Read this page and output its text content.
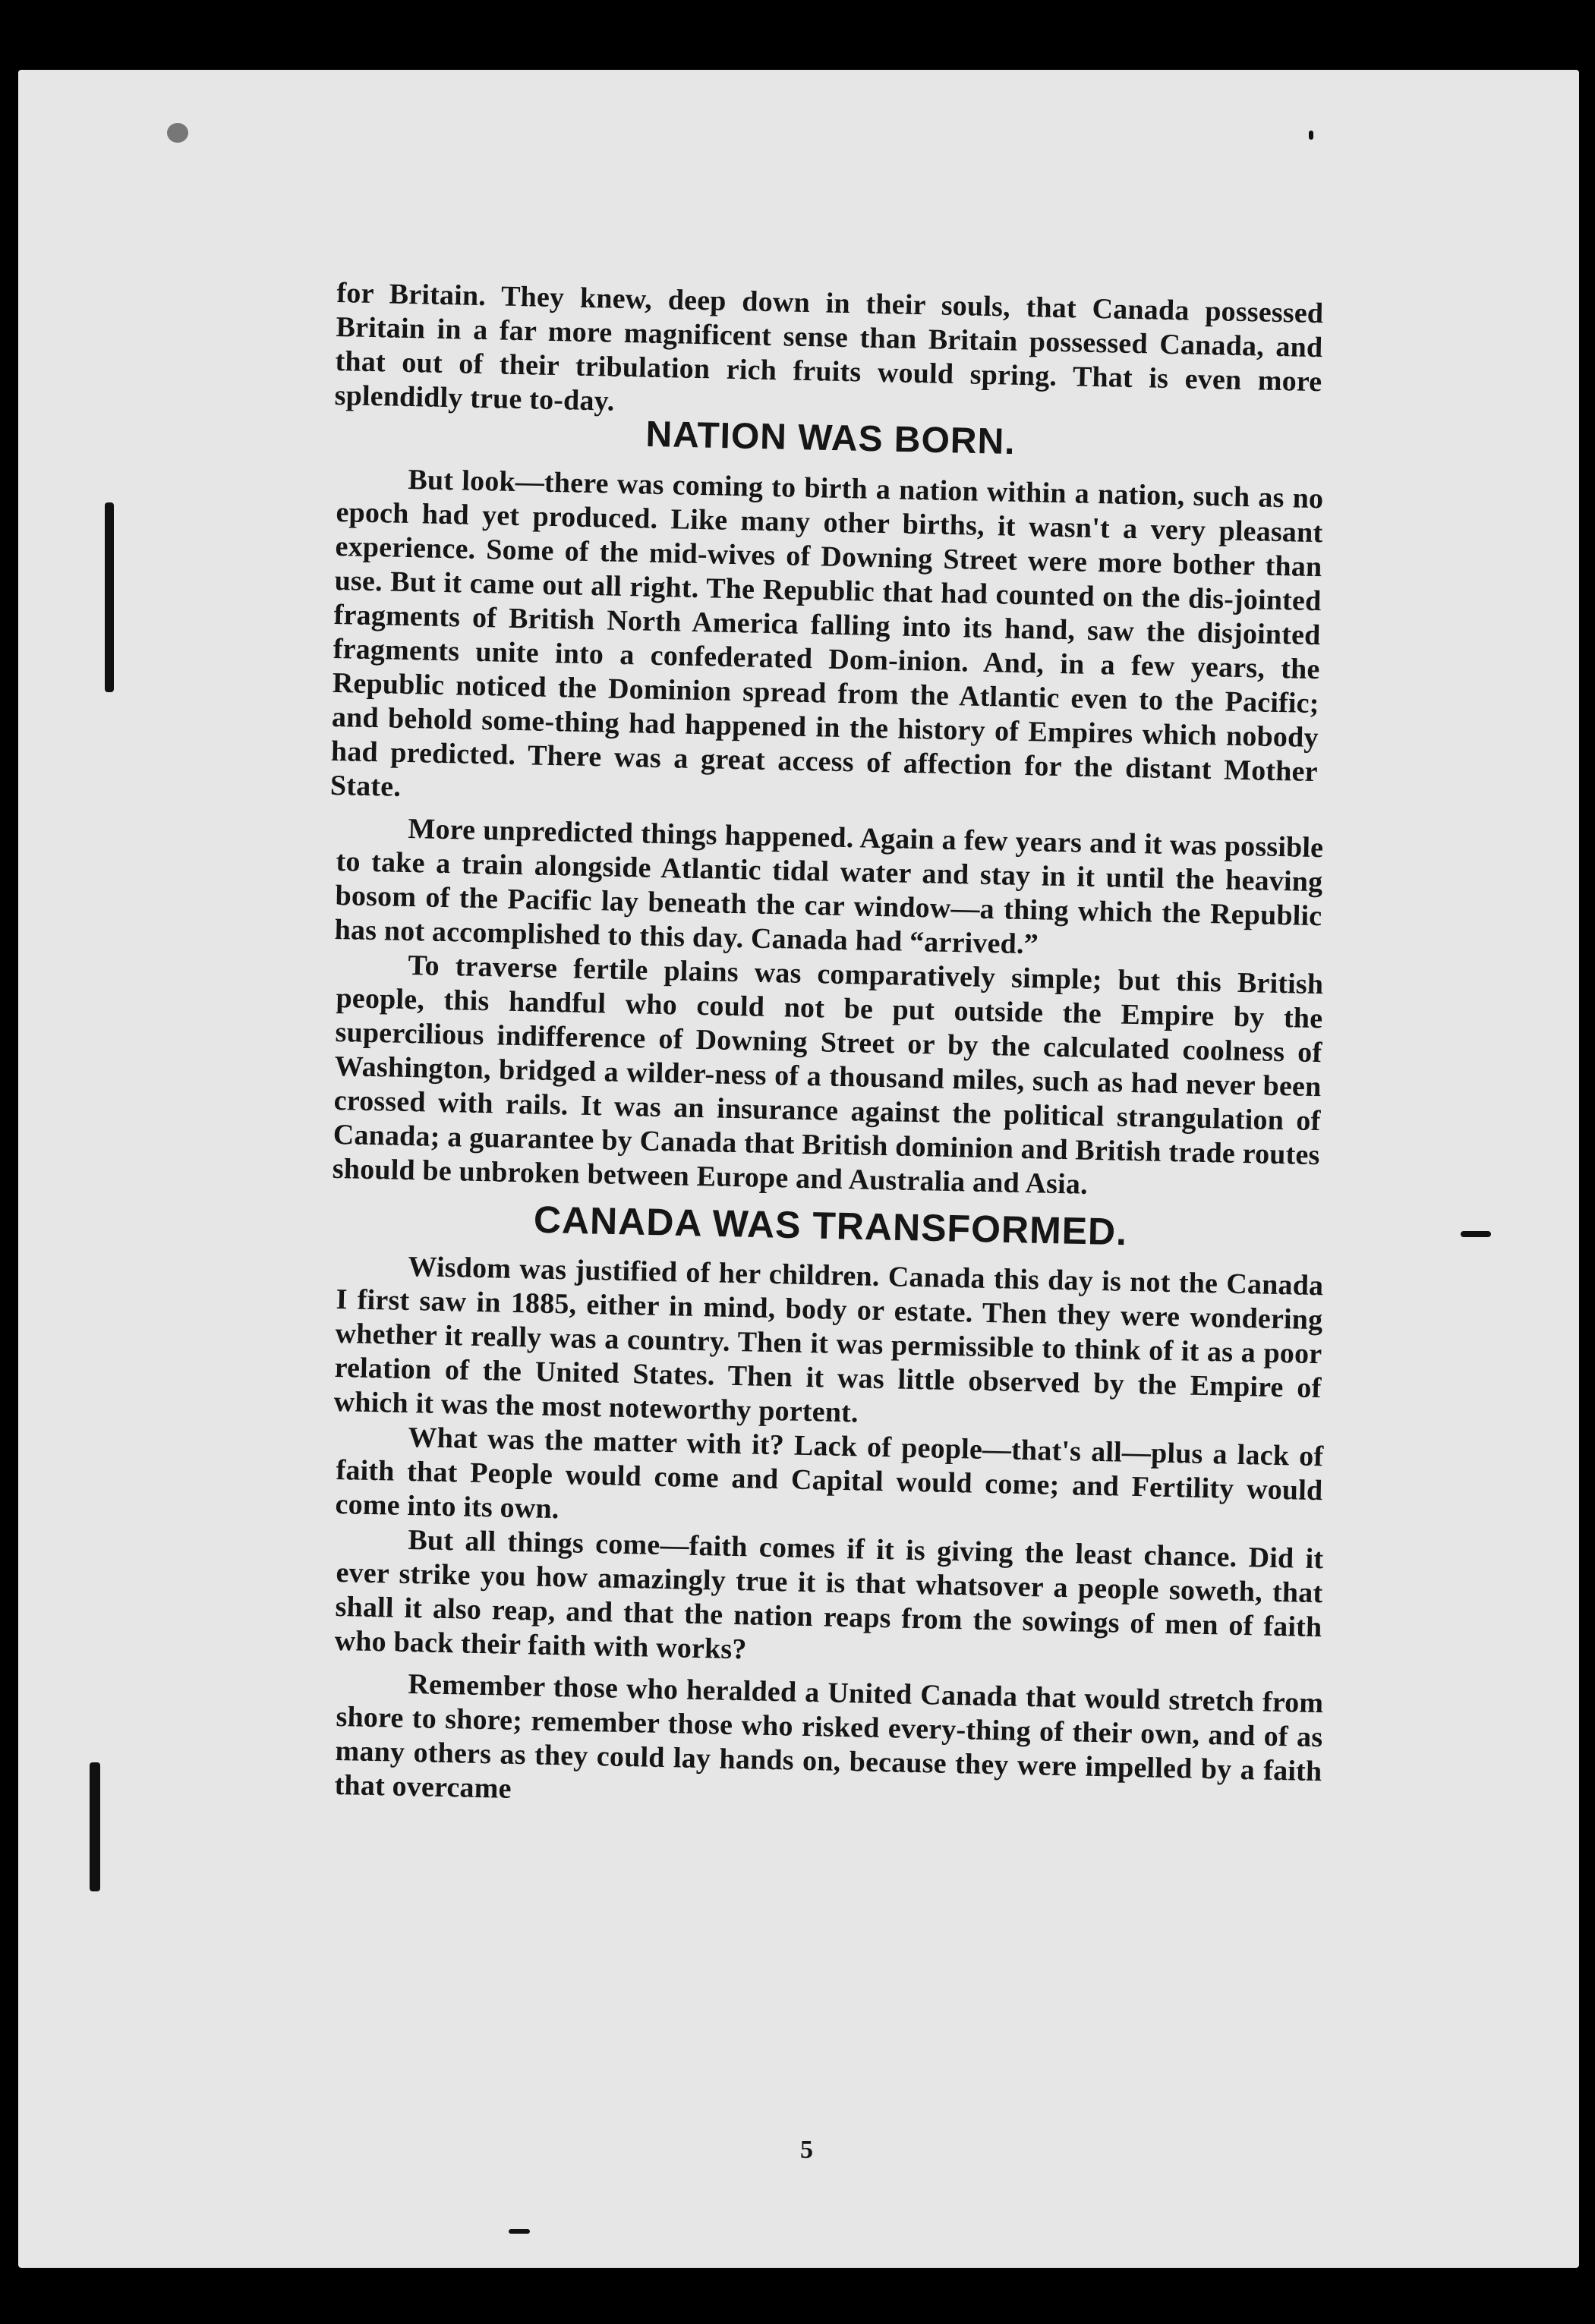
for Britain. They knew, deep down in their souls, that Canada possessed Britain in a far more magnificent sense than Britain possessed Canada, and that out of their tribulation rich fruits would spring. That is even more splendidly true to-day.

NATION WAS BORN.

But look—there was coming to birth a nation within a nation, such as no epoch had yet produced. Like many other births, it wasn't a very pleasant experience. Some of the mid-wives of Downing Street were more bother than use. But it came out all right. The Republic that had counted on the dis-jointed fragments of British North America falling into its hand, saw the disjointed fragments unite into a confederated Dom-inion. And, in a few years, the Republic noticed the Dominion spread from the Atlantic even to the Pacific; and behold some-thing had happened in the history of Empires which nobody had predicted. There was a great access of affection for the distant Mother State.

More unpredicted things happened. Again a few years and it was possible to take a train alongside Atlantic tidal water and stay in it until the heaving bosom of the Pacific lay beneath the car window—a thing which the Republic has not accomplished to this day. Canada had “arrived.”

To traverse fertile plains was comparatively simple; but this British people, this handful who could not be put outside the Empire by the supercilious indifference of Downing Street or by the calculated coolness of Washington, bridged a wilder-ness of a thousand miles, such as had never been crossed with rails. It was an insurance against the political strangulation of Canada; a guarantee by Canada that British dominion and British trade routes should be unbroken between Europe and Australia and Asia.

CANADA WAS TRANSFORMED.

Wisdom was justified of her children. Canada this day is not the Canada I first saw in 1885, either in mind, body or estate. Then they were wondering whether it really was a country. Then it was permissible to think of it as a poor relation of the United States. Then it was little observed by the Empire of which it was the most noteworthy portent.

What was the matter with it? Lack of people—that's all—plus a lack of faith that People would come and Capital would come; and Fertility would come into its own.

But all things come—faith comes if it is giving the least chance. Did it ever strike you how amazingly true it is that whatsover a people soweth, that shall it also reap, and that the nation reaps from the sowings of men of faith who back their faith with works?

Remember those who heralded a United Canada that would stretch from shore to shore; remember those who risked every-thing of their own, and of as many others as they could lay hands on, because they were impelled by a faith that overcame

5
